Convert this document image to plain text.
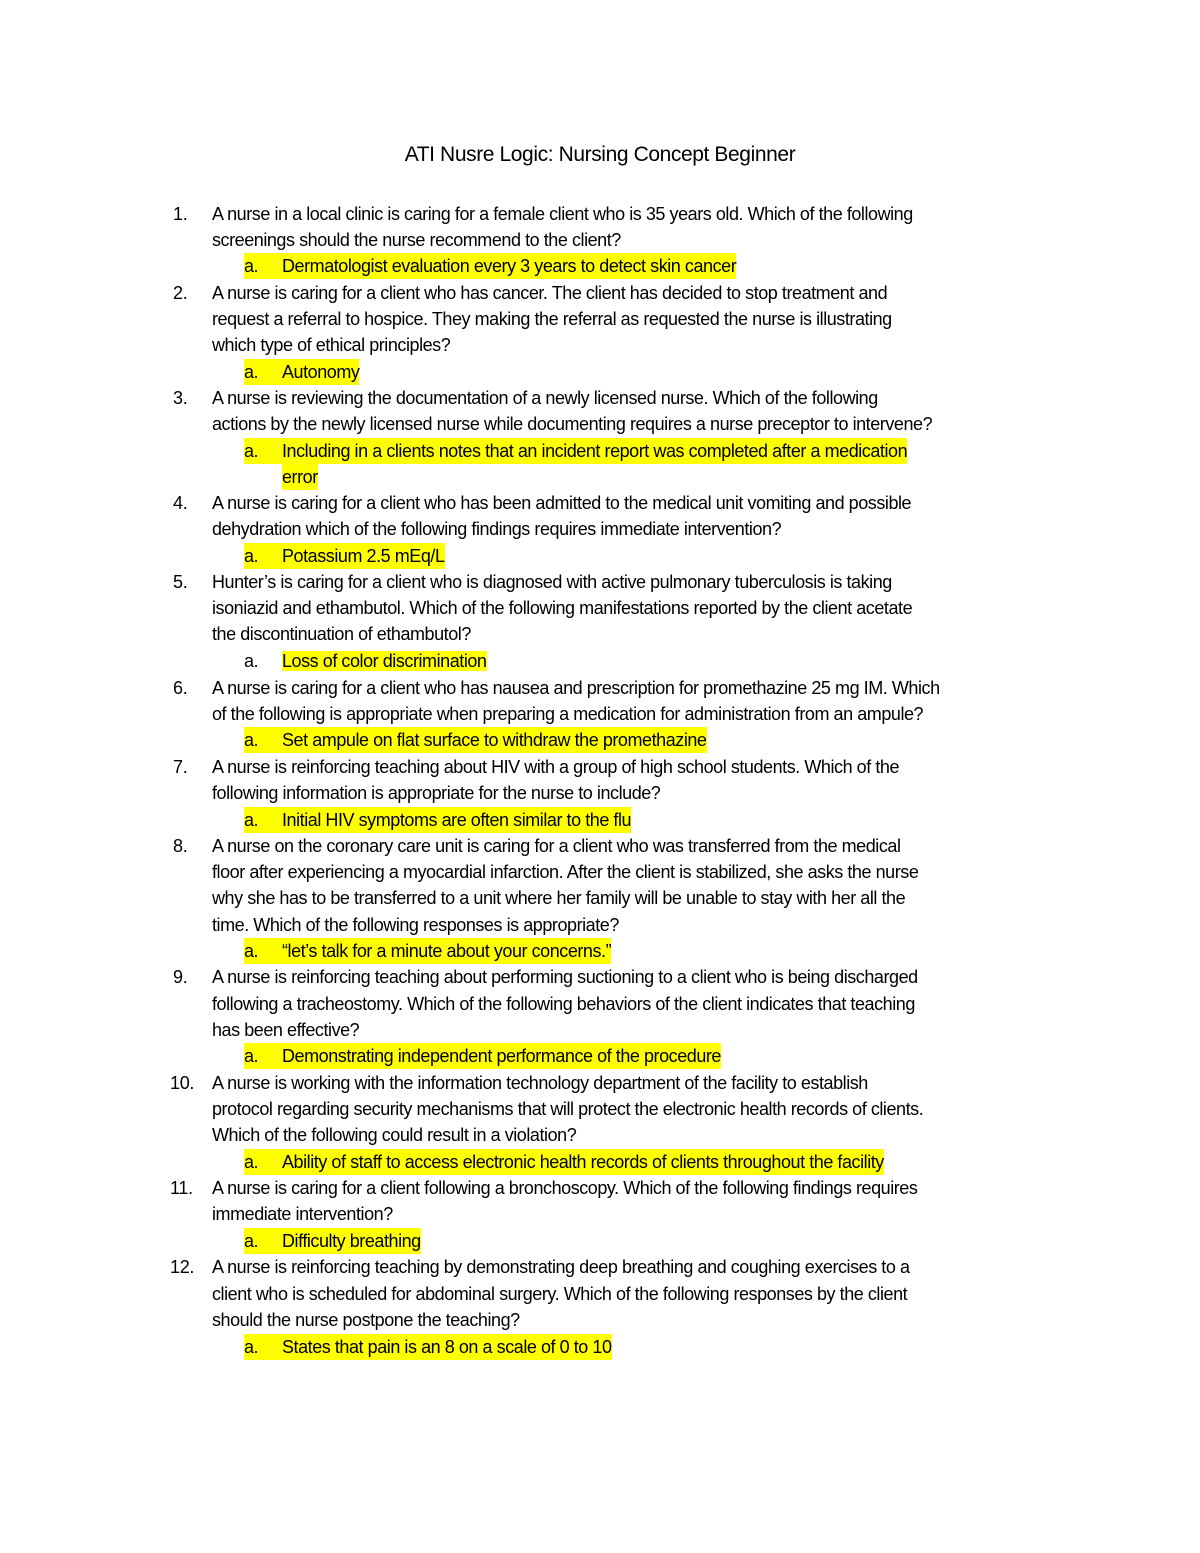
ATI Nusre Logic: Nursing Concept Beginner
1.	A nurse in a local clinic is caring for a female client who is 35 years old. Which of the following
screenings should the nurse recommend to the client?
a. Dermatologist evaluation every 3 years to detect skin cancer
2.	A nurse is caring for a client who has cancer. The client has decided to stop treatment and
request a referral to hospice. They making the referral as requested the nurse is illustrating
which type of ethical principles?
a. Autonomy
3.	A nurse is reviewing the documentation of a newly licensed nurse. Which of the following
actions by the newly licensed nurse while documenting requires a nurse preceptor to intervene?
a. Including in a clients notes that an incident report was completed after a medication
error
4.	A nurse is caring for a client who has been admitted to the medical unit vomiting and possible
dehydration which of the following findings requires immediate intervention?
a. Potassium 2.5 mEq/L
5.	Hunter’s is caring for a client who is diagnosed with active pulmonary tuberculosis is taking
isoniazid and ethambutol. Which of the following manifestations reported by the client acetate
the discontinuation of ethambutol?
a. Loss of color discrimination
6.	A nurse is caring for a client who has nausea and prescription for promethazine 25 mg IM. Which
of the following is appropriate when preparing a medication for administration from an ampule?
a. Set ampule on flat surface to withdraw the promethazine
7.	A nurse is reinforcing teaching about HIV with a group of high school students. Which of the
following information is appropriate for the nurse to include?
a. Initial HIV symptoms are often similar to the flu
8.	A nurse on the coronary care unit is caring for a client who was transferred from the medical
floor after experiencing a myocardial infarction. After the client is stabilized, she asks the nurse
why she has to be transferred to a unit where her family will be unable to stay with her all the
time. Which of the following responses is appropriate?
a. “let’s talk for a minute about your concerns.”
9.	A nurse is reinforcing teaching about performing suctioning to a client who is being discharged
following a tracheostomy. Which of the following behaviors of the client indicates that teaching
has been effective?
a. Demonstrating independent performance of the procedure
10. A nurse is working with the information technology department of the facility to establish
protocol regarding security mechanisms that will protect the electronic health records of clients.
Which of the following could result in a violation?
a. Ability of staff to access electronic health records of clients throughout the facility
11.	A nurse is caring for a client following a bronchoscopy. Which of the following findings requires
immediate intervention?
a. Difficulty breathing
12. A nurse is reinforcing teaching by demonstrating deep breathing and coughing exercises to a
client who is scheduled for abdominal surgery. Which of the following responses by the client
should the nurse postpone the teaching?
a. States that pain is an 8 on a scale of 0 to 10
